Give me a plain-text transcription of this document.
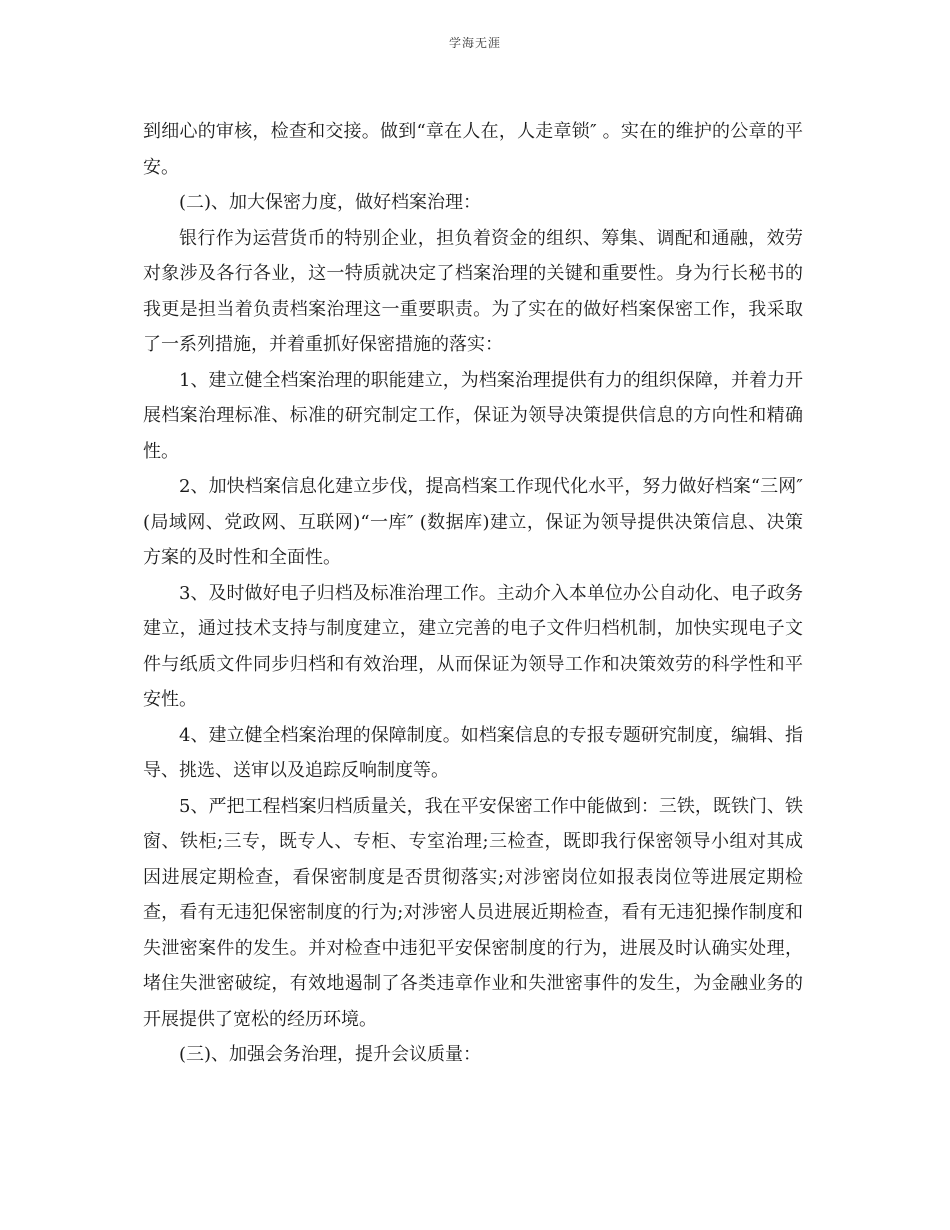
学海无涯

到细心的审核，检查和交接。做到“章在人在，人走章锁″ 。实在的维护的公章的平安。

(二)、加大保密力度，做好档案治理：

银行作为运营货币的特别企业，担负着资金的组织、筹集、调配和通融，效劳对象涉及各行各业，这一特质就决定了档案治理的关键和重要性。身为行长秘书的我更是担当着负责档案治理这一重要职责。为了实在的做好档案保密工作，我采取了一系列措施，并着重抓好保密措施的落实：

1、建立健全档案治理的职能建立，为档案治理提供有力的组织保障，并着力开展档案治理标准、标准的研究制定工作，保证为领导决策提供信息的方向性和精确性。

2、加快档案信息化建立步伐，提高档案工作现代化水平，努力做好档案“三网″ (局域网、党政网、互联网)“一库″ (数据库)建立，保证为领导提供决策信息、决策方案的及时性和全面性。

3、及时做好电子归档及标准治理工作。主动介入本单位办公自动化、电子政务建立，通过技术支持与制度建立，建立完善的电子文件归档机制，加快实现电子文件与纸质文件同步归档和有效治理，从而保证为领导工作和决策效劳的科学性和平安性。

4、建立健全档案治理的保障制度。如档案信息的专报专题研究制度，编辑、指导、挑选、送审以及追踪反响制度等。

5、严把工程档案归档质量关，我在平安保密工作中能做到：三铁，既铁门、铁窗、铁柜;三专，既专人、专柜、专室治理;三检查，既即我行保密领导小组对其成因进展定期检查，看保密制度是否贯彻落实;对涉密岗位如报表岗位等进展定期检查，看有无违犯保密制度的行为;对涉密人员进展近期检查，看有无违犯操作制度和失泄密案件的发生。并对检查中违犯平安保密制度的行为，进展及时认确实处理，堵住失泄密破绽，有效地遏制了各类违章作业和失泄密事件的发生，为金融业务的开展提供了宽松的经历环境。

(三)、加强会务治理，提升会议质量：
